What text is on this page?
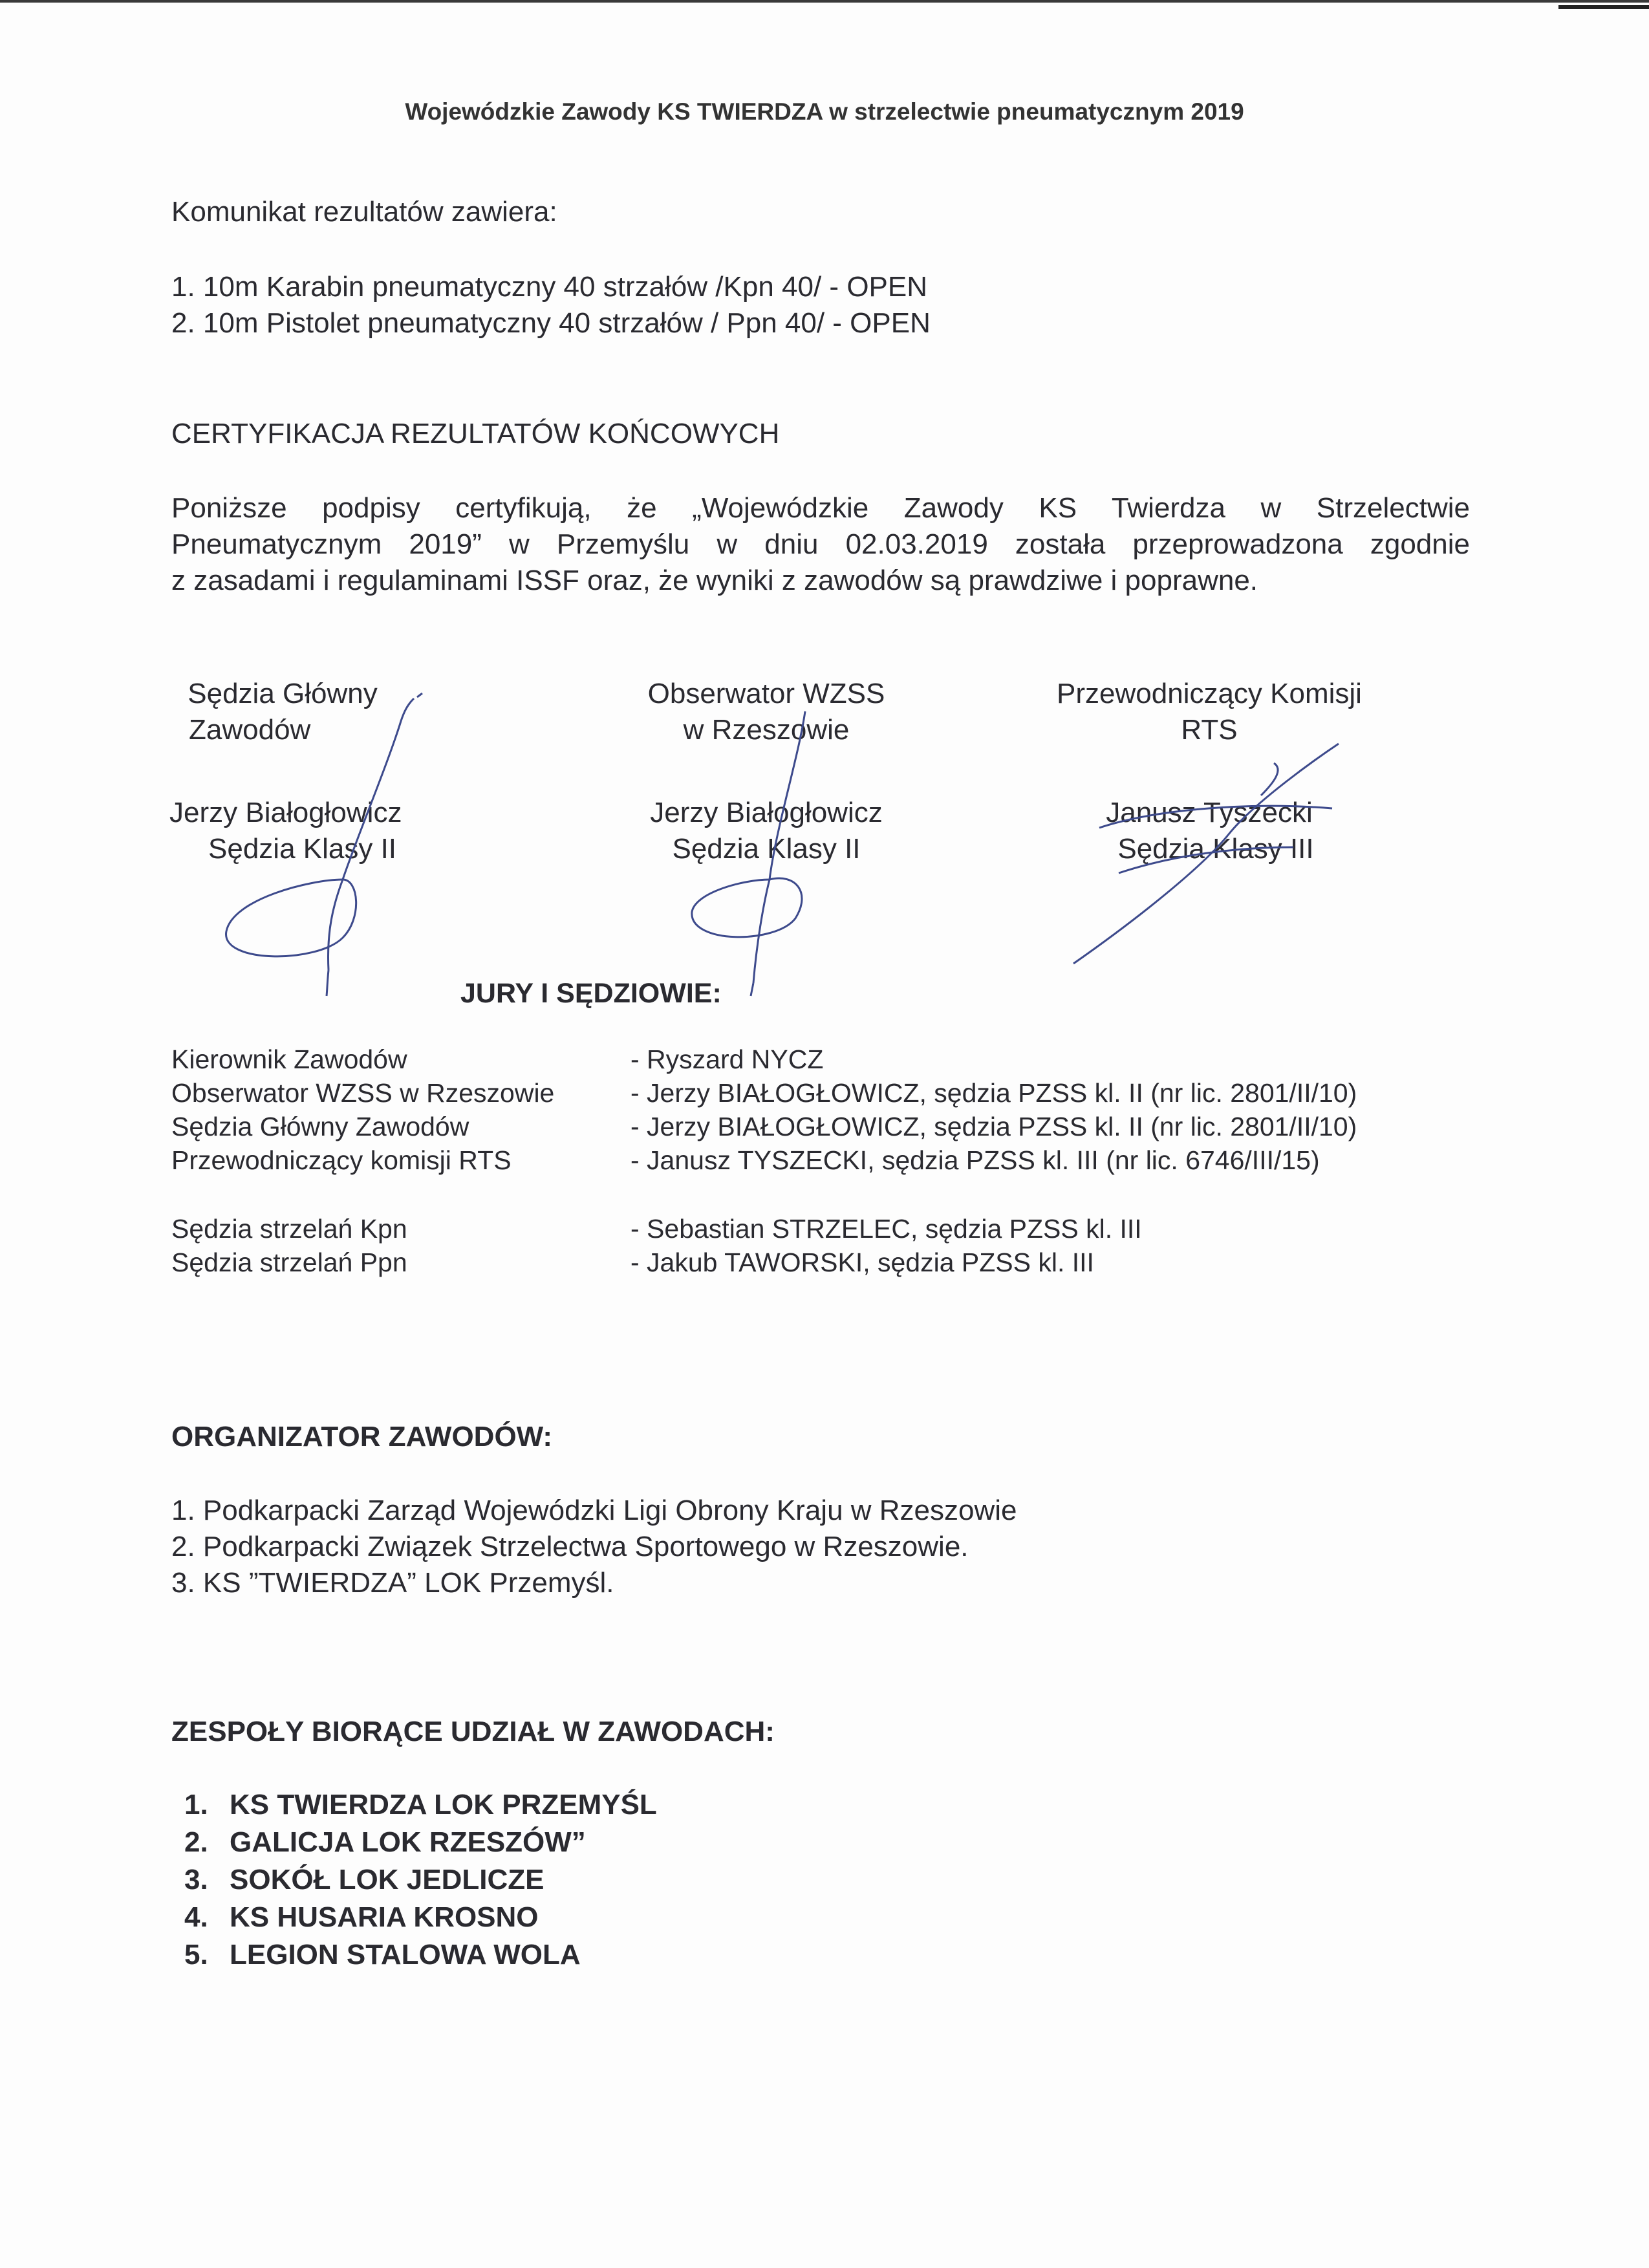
Wojewódzkie Zawody KS TWIERDZA w strzelectwie pneumatycznym 2019
Komunikat rezultatów zawiera:
1. 10m Karabin pneumatyczny 40 strzałów /Kpn 40/ - OPEN
2. 10m Pistolet pneumatyczny 40 strzałów / Ppn 40/ - OPEN
CERTYFIKACJA REZULTATÓW KOŃCOWYCH
Poniższe podpisy certyfikują, że „Wojewódzkie Zawody KS Twierdza w Strzelectwie
Pneumatycznym 2019” w Przemyślu w dniu 02.03.2019 została przeprowadzona zgodnie
z zasadami i regulaminami ISSF oraz, że wyniki z zawodów są prawdziwe i poprawne.
Sędzia Główny
Zawodów
Jerzy Białogłowicz
Sędzia Klasy II
Obserwator WZSS
w Rzeszowie
Jerzy Białogłowicz
Sędzia Klasy II
Przewodniczący Komisji
RTS
Janusz Tyszecki
Sędzia Klasy III
JURY I SĘDZIOWIE:
Kierownik Zawodów	- Ryszard NYCZ
Obserwator WZSS w Rzeszowie	- Jerzy BIAŁOGŁOWICZ, sędzia PZSS kl. II (nr lic. 2801/II/10)
Sędzia Główny Zawodów	- Jerzy BIAŁOGŁOWICZ, sędzia PZSS kl. II (nr lic. 2801/II/10)
Przewodniczący komisji RTS	- Janusz TYSZECKI, sędzia PZSS kl. III (nr lic. 6746/III/15)
Sędzia strzelań Kpn	- Sebastian STRZELEC, sędzia PZSS kl. III
Sędzia strzelań Ppn	- Jakub TAWORSKI, sędzia PZSS kl. III
ORGANIZATOR ZAWODÓW:
1. Podkarpacki Zarząd Wojewódzki Ligi Obrony Kraju w Rzeszowie
2. Podkarpacki Związek Strzelectwa Sportowego w Rzeszowie.
3. KS ”TWIERDZA” LOK Przemyśl.
ZESPOŁY BIORĄCE UDZIAŁ W ZAWODACH:
1. KS TWIERDZA LOK PRZEMYŚL
2. GALICJA LOK RZESZÓW”
3. SOKÓŁ LOK JEDLICZE
4. KS HUSARIA KROSNO
5. LEGION STALOWA WOLA
